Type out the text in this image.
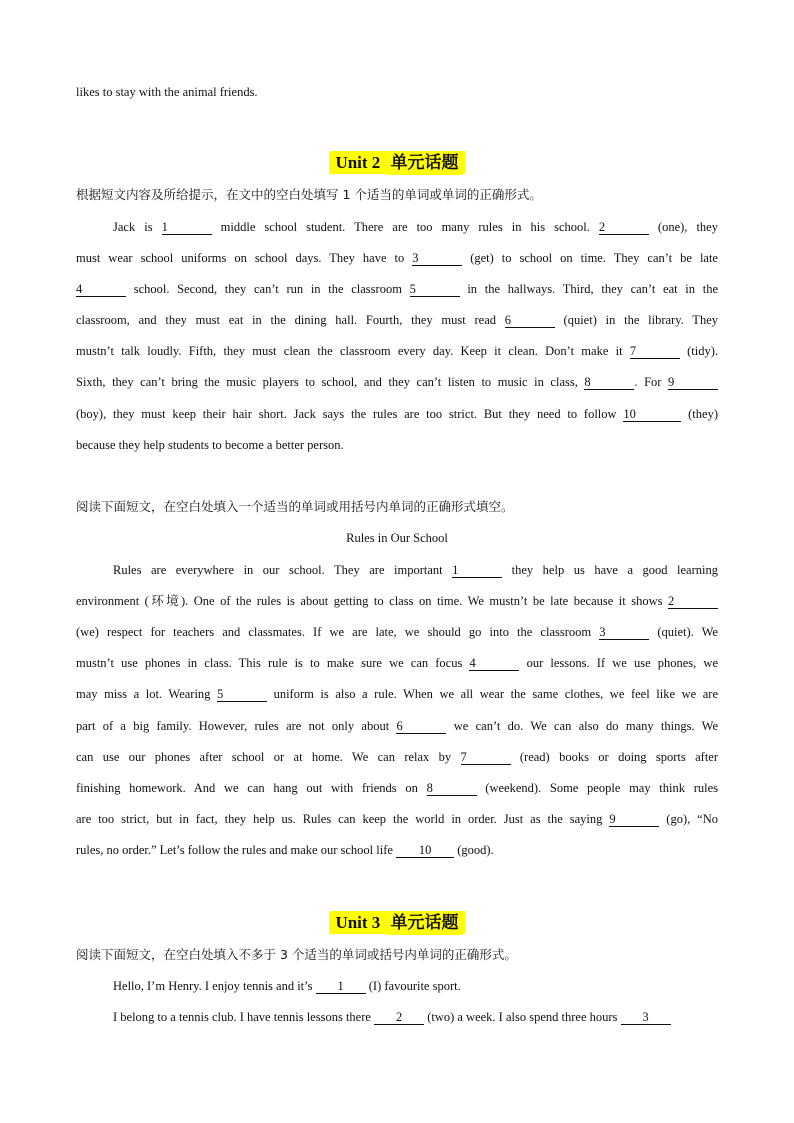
likes to stay with the animal friends.
Unit 2 单元话题
根据短文内容及所给提示，在文中的空白处填写 1 个适当的单词或单词的正确形式。
Jack is 1	middle school student. There are too many rules in his school. 2	(one), they
must wear school uniforms on school days. They have to 3	(get) to school on time. They can’t be late
4	school. Second, they can’t run in the classroom 5	in the hallways. Third, they can’t eat in the
classroom, and they must eat in the dining hall. Fourth, they must read 6	(quiet) in the library. They
mustn’t talk loudly. Fifth, they must clean the classroom every day. Keep it clean. Don’t make it 7	(tidy).
Sixth, they can’t bring the music players to school, and they can’t listen to music in class, 8	. For 9
(boy), they must keep their hair short. Jack says the rules are too strict. But they need to follow 10	(they)
because they help students to become a better person.
阅读下面短文，在空白处填入一个适当的单词或用括号内单词的正确形式填空。
Rules in Our School
Rules are everywhere in our school. They are important 1	they help us have a good learning
environment (环境). One of the rules is about getting to class on time. We mustn’t be late because it shows 2
(we) respect for teachers and classmates. If we are late, we should go into the classroom 3	(quiet). We
mustn’t use phones in class. This rule is to make sure we can focus 4	our lessons. If we use phones, we
may miss a lot. Wearing 5	uniform is also a rule. When we all wear the same clothes, we feel like we are
part of a big family. However, rules are not only about 6	we can’t do. We can also do many things. We
can use our phones after school or at home. We can relax by 7	(read) books or doing sports after
finishing homework. And we can hang out with friends on 8	(weekend). Some people may think rules
are too strict, but in fact, they help us. Rules can keep the world in order. Just as the saying 9	(go), “No
rules, no order.” Let’s follow the rules and make our school life 10 (good).
Unit 3 单元话题
阅读下面短文，在空白处填入不多于 3 个适当的单词或括号内单词的正确形式。
Hello, I’m Henry. I enjoy tennis and it’s 1 (I) favourite sport.
I belong to a tennis club. I have tennis lessons there 2 (two) a week. I also spend three hours 3
